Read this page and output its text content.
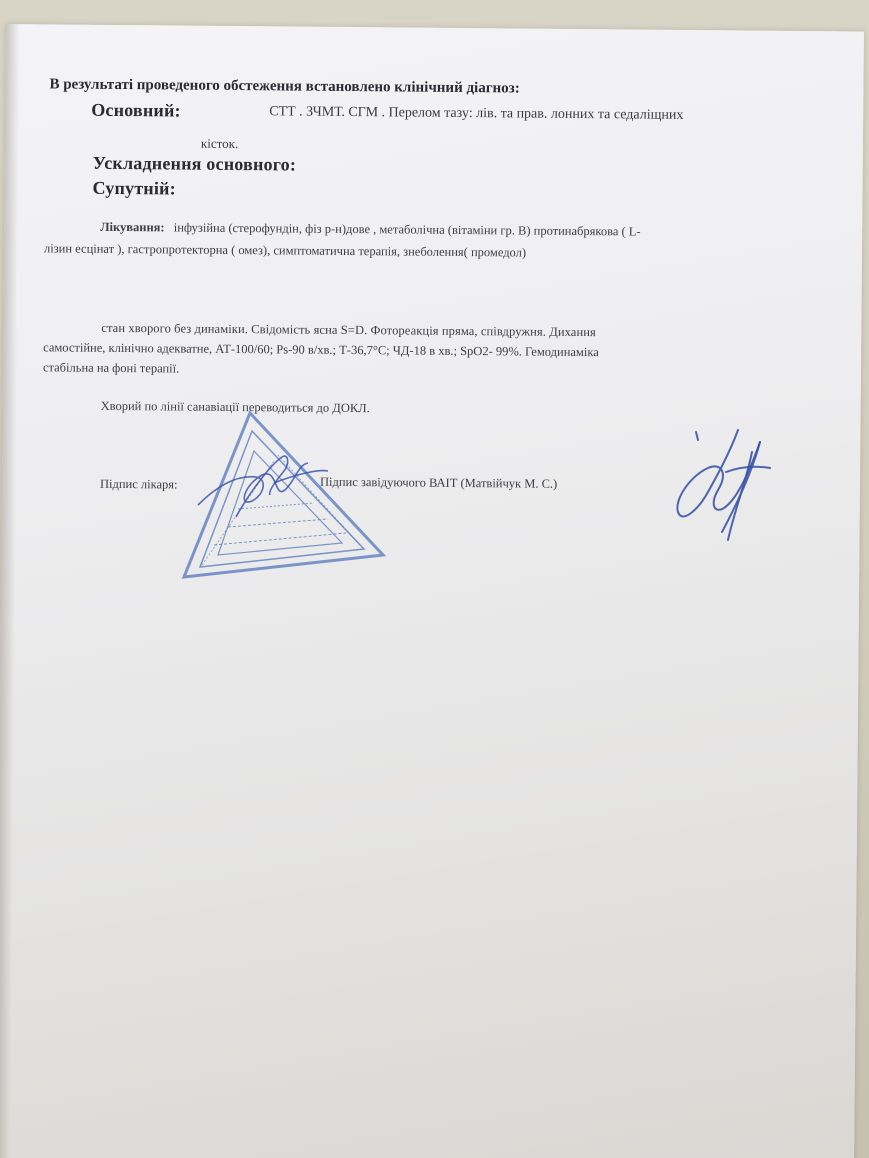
В результаті проведеного обстеження встановлено клінічний діагноз:
Основний:	СТТ . ЗЧМТ. СГМ . Перелом тазу: лів. та прав. лонних та седаліщних
кісток.
Ускладнення основного:
Супутній:
Лікування: інфузійна (стерофундін, фіз р-н)дове , метаболічна (вітаміни гр. В) протинабрякова ( L-
лізин есцінат ), гастропротекторна ( омез), симптоматична терапія, знеболення( промедол)
стан хворого без динаміки. Свідомість ясна S=D. Фотореакція пряма, співдружня. Дихання
самостійне, клінічно адекватне, АТ-100/60; Ps-90 в/хв.; Т-36,7°С; ЧД-18 в хв.; SpO2- 99%. Гемодинаміка
стабільна на фоні терапії.
Хворий по лінії санавіації переводиться до ДОКЛ.
Підпис лікаря:	Підпис завідуючого ВАІТ (Матвійчук М. С.)
